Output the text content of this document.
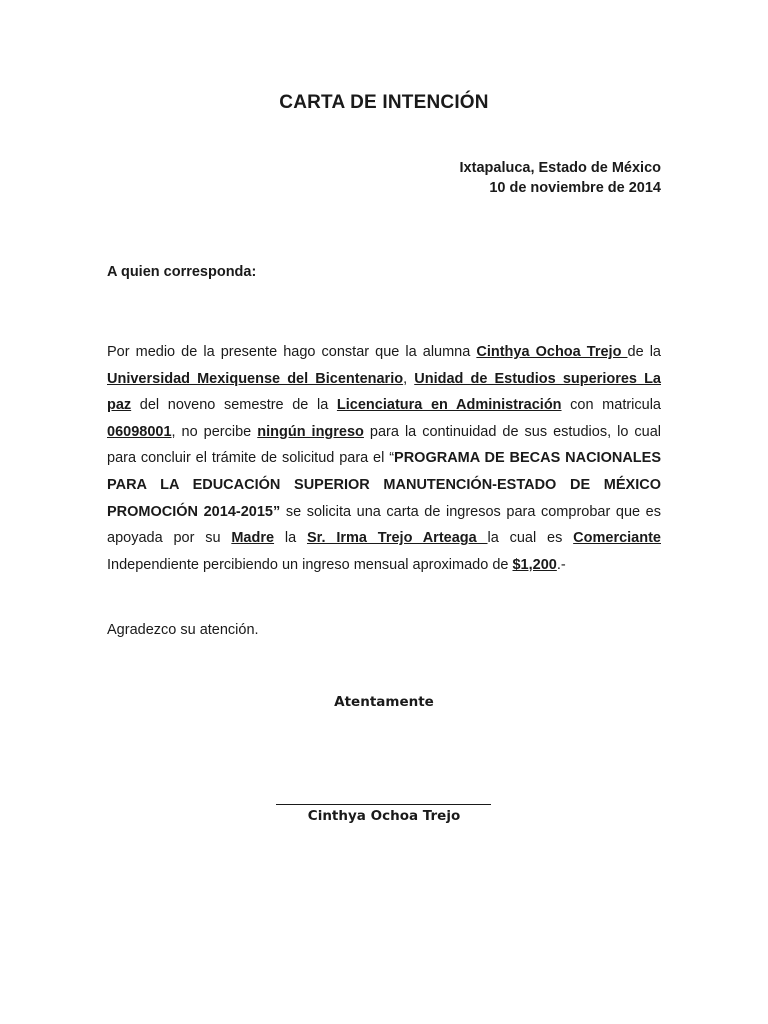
CARTA DE INTENCIÓN
Ixtapaluca, Estado de México
10 de noviembre de 2014
A quien corresponda:
Por medio de la presente hago constar que la alumna Cinthya Ochoa Trejo de la Universidad Mexiquense del Bicentenario, Unidad de Estudios superiores La paz del noveno semestre de la Licenciatura en Administración con matricula 06098001, no percibe ningún ingreso para la continuidad de sus estudios, lo cual para concluir el trámite de solicitud para el “PROGRAMA DE BECAS NACIONALES PARA LA EDUCACIÓN SUPERIOR MANUTENCIÓN-ESTADO DE MÉXICO PROMOCIÓN 2014-2015” se solicita una carta de ingresos para comprobar que es apoyada por su Madre la Sr. Irma Trejo Arteaga la cual es Comerciante Independiente percibiendo un ingreso mensual aproximado de $1,200.-
Agradezco su atención.
Atentamente
Cinthya Ochoa Trejo
